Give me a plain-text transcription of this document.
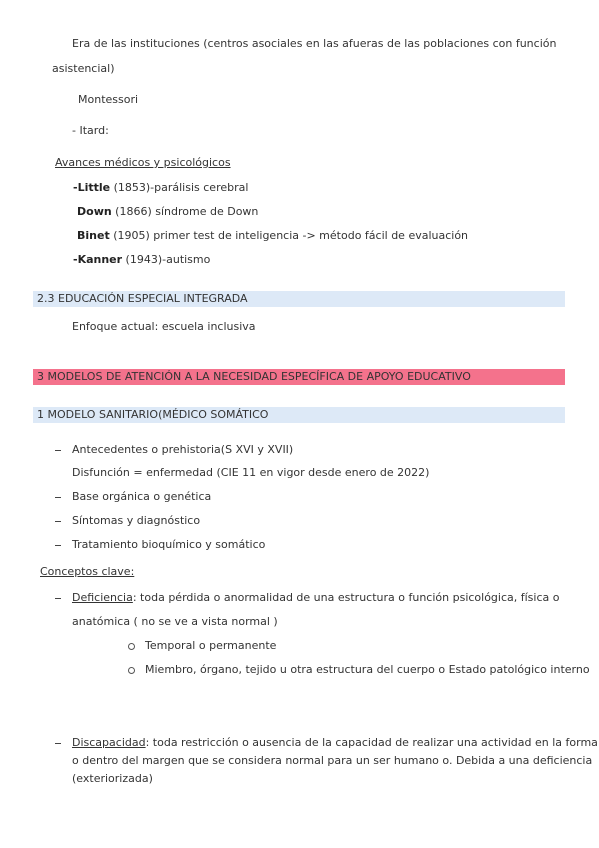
Era de las instituciones (centros asociales en las afueras de las poblaciones con función
asistencial)
Montessori
- Itard:
Avances médicos y psicológicos
-Little (1853)-parálisis cerebral
Down (1866) síndrome de Down
Binet (1905) primer test de inteligencia -> método fácil de evaluación
-Kanner (1943)-autismo
2.3 EDUCACIÓN ESPECIAL INTEGRADA
Enfoque actual: escuela inclusiva
3 MODELOS DE ATENCIÓN A LA NECESIDAD ESPECÍFICA DE APOYO EDUCATIVO
1 MODELO SANITARIO(MÉDICO SOMÁTICO
Antecedentes o prehistoria(S XVI y XVII)
Disfunción = enfermedad (CIE 11 en vigor desde enero de 2022)
Base orgánica o genética
Síntomas y diagnóstico
Tratamiento bioquímico y somático
Conceptos clave:
Deficiencia: toda pérdida o anormalidad de una estructura o función psicológica, física o
anatómica ( no se ve a vista normal )
Temporal o permanente
Miembro, órgano, tejido u otra estructura del cuerpo o Estado patológico interno
Discapacidad: toda restricción o ausencia de la capacidad de realizar una actividad en la forma
o dentro del margen que se considera normal para un ser humano o. Debida a una deficiencia
(exteriorizada)
